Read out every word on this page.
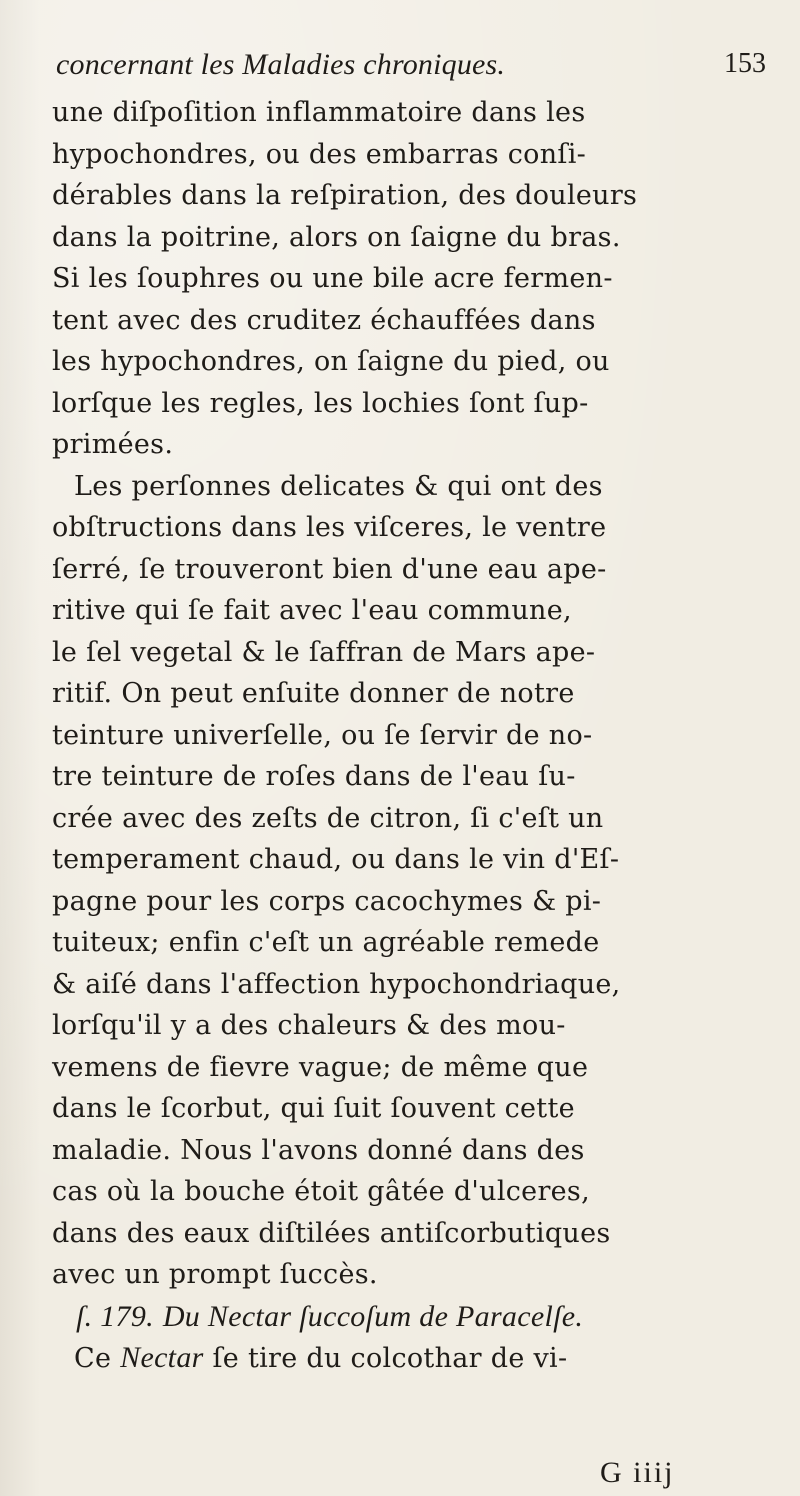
concernant les Maladies chroniques.	153
une diſpoſition inflammatoire dans les
hypochondres, ou des embarras conſi-
dérables dans la reſpiration, des douleurs
dans la poitrine, alors on ſaigne du bras.
Si les ſouphres ou une bile acre fermen-
tent avec des cruditez échauffées dans
les hypochondres, on ſaigne du pied, ou
lorſque les regles, les lochies ſont ſup-
primées.
Les perſonnes delicates & qui ont des
obſtructions dans les viſceres, le ventre
ſerré, ſe trouveront bien d'une eau ape-
ritive qui ſe fait avec l'eau commune,
le ſel vegetal & le ſaffran de Mars ape-
ritif. On peut enſuite donner de notre
teinture univerſelle, ou ſe ſervir de no-
tre teinture de roſes dans de l'eau ſu-
crée avec des zeſts de citron, ſi c'eſt un
temperament chaud, ou dans le vin d'Eſ-
pagne pour les corps cacochymes & pi-
tuiteux; enfin c'eſt un agréable remede
& aiſé dans l'affection hypochondriaque,
lorſqu'il y a des chaleurs & des mou-
vemens de fievre vague; de même que
dans le ſcorbut, qui ſuit ſouvent cette
maladie. Nous l'avons donné dans des
cas où la bouche étoit gâtée d'ulceres,
dans des eaux diſtilées antiſcorbutiques
avec un prompt ſuccès.
ſ. 179. Du Nectar ſuccoſum de Paracelſe.
Ce Nectar ſe tire du colcothar de vi-
G iiij
